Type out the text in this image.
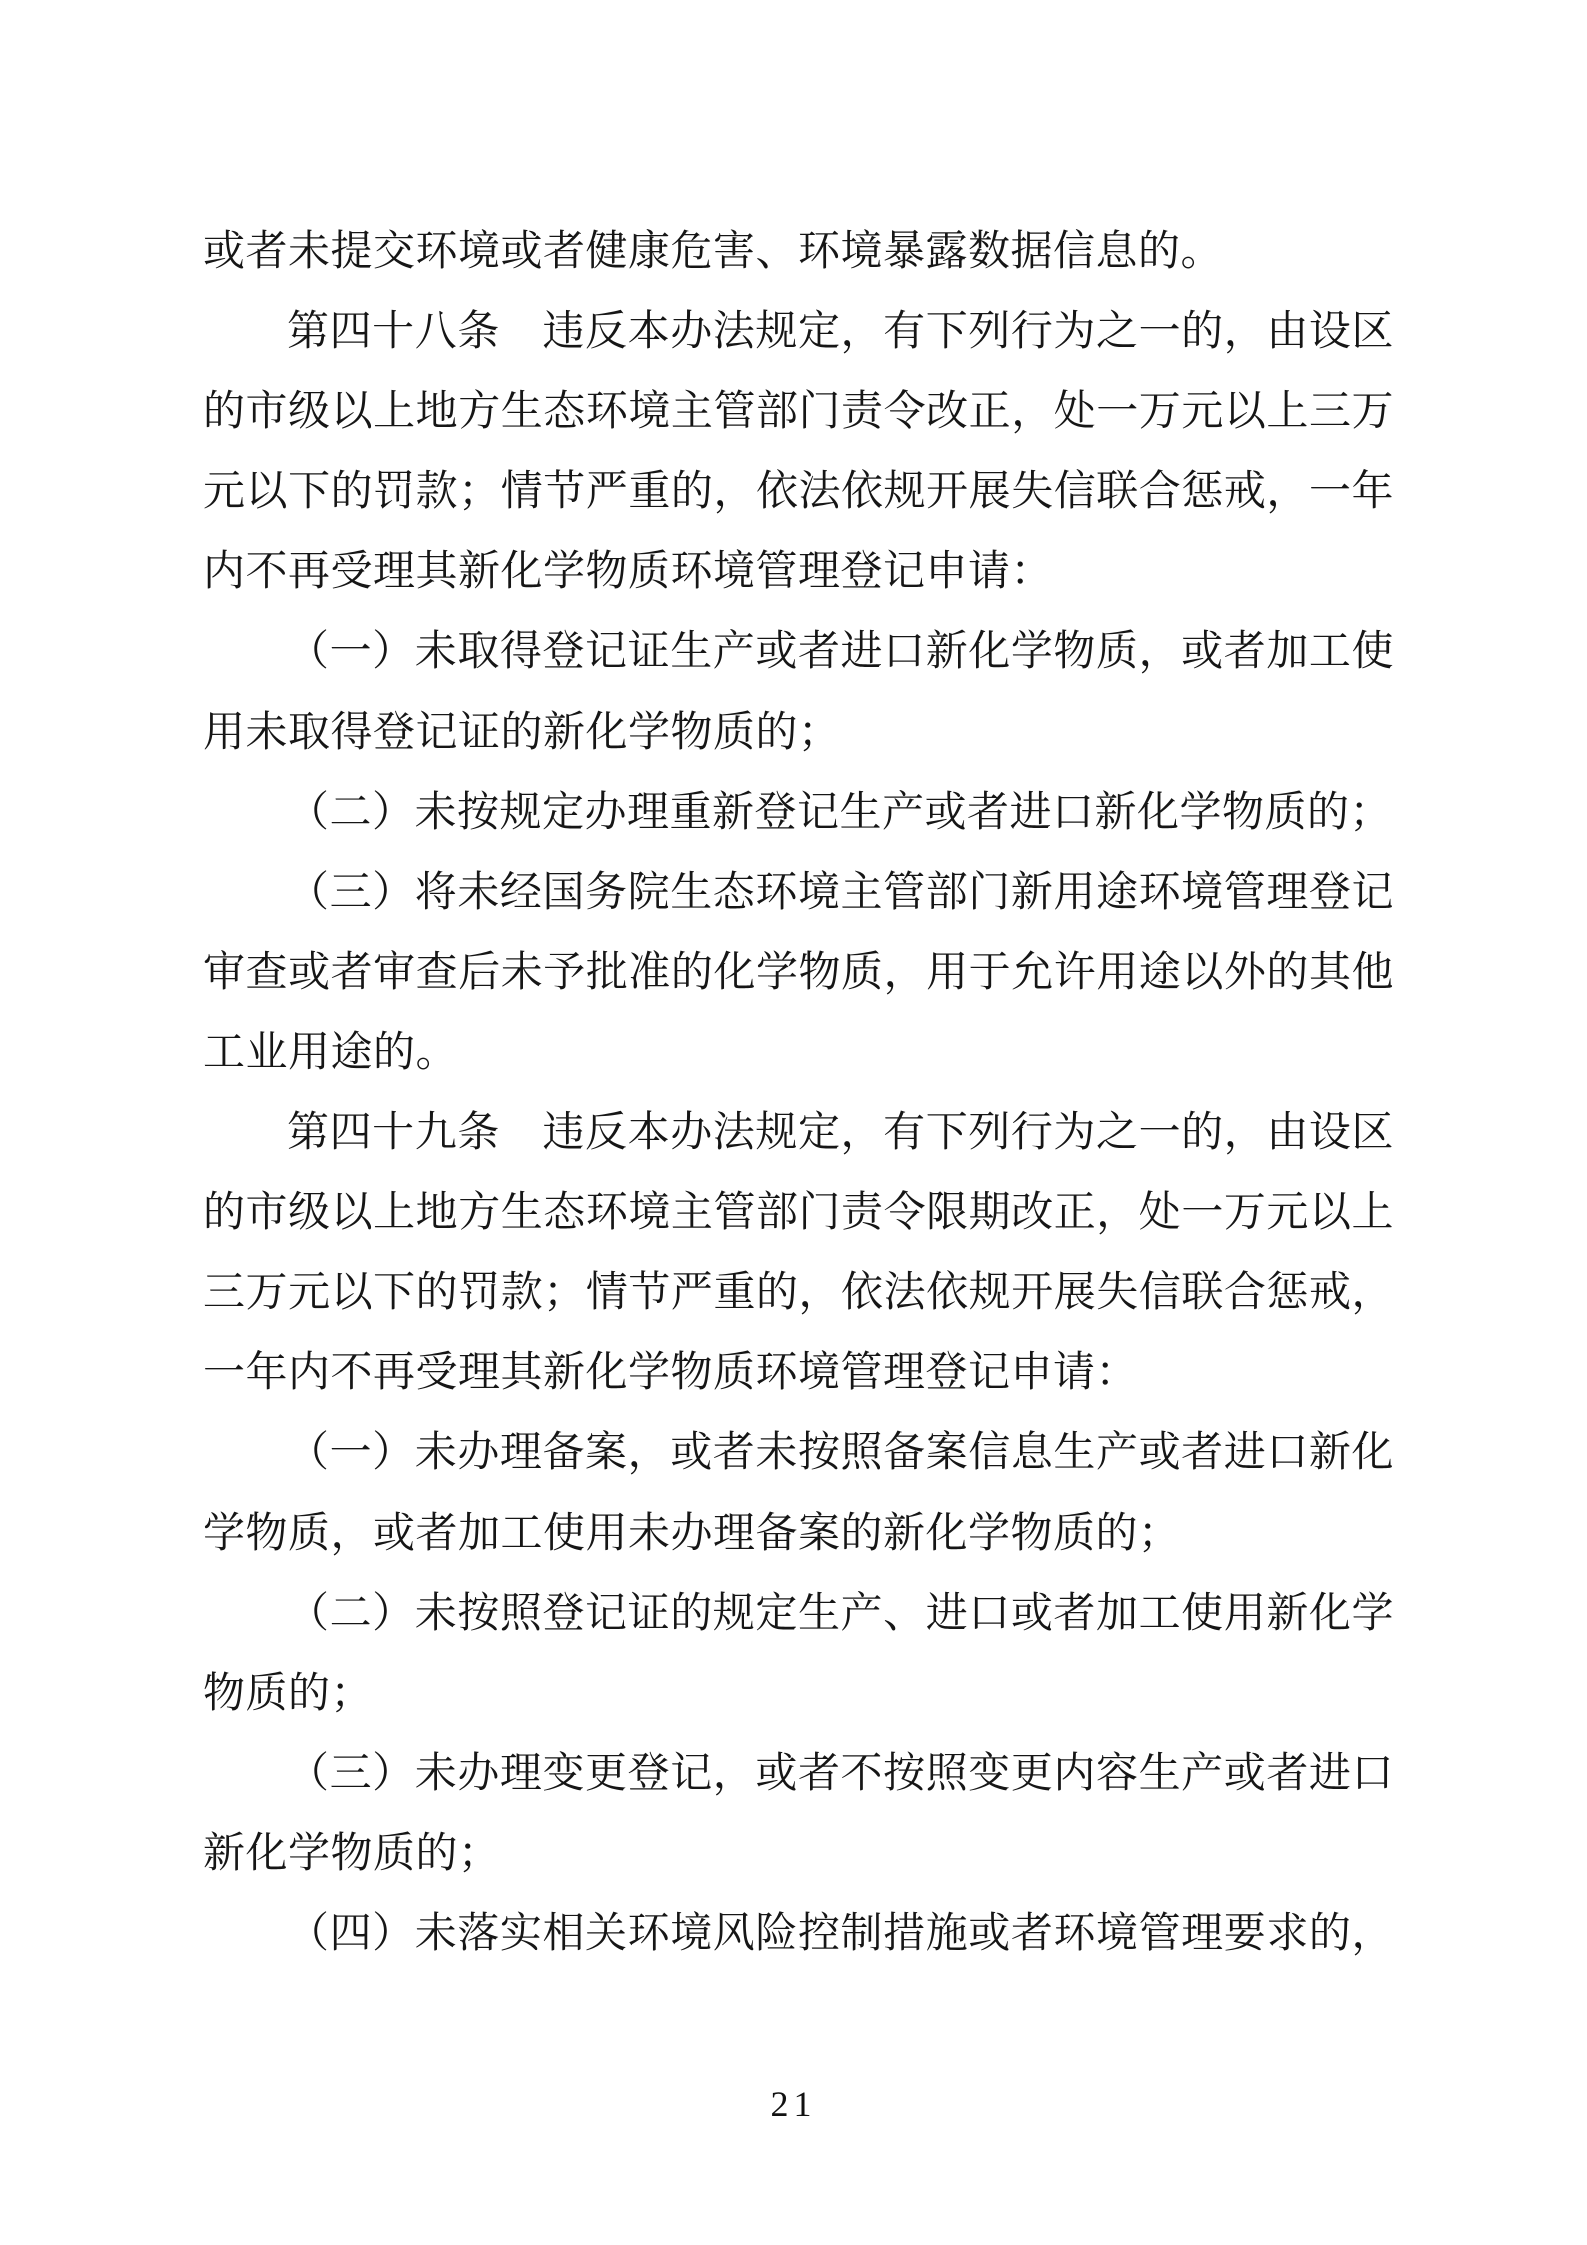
或者未提交环境或者健康危害、环境暴露数据信息的。
第四十八条　违反本办法规定，有下列行为之一的，由设区
的市级以上地方生态环境主管部门责令改正，处一万元以上三万
元以下的罚款；情节严重的，依法依规开展失信联合惩戒，一年
内不再受理其新化学物质环境管理登记申请：
（一）未取得登记证生产或者进口新化学物质，或者加工使
用未取得登记证的新化学物质的；
（二）未按规定办理重新登记生产或者进口新化学物质的；
（三）将未经国务院生态环境主管部门新用途环境管理登记
审查或者审查后未予批准的化学物质，用于允许用途以外的其他
工业用途的。
第四十九条　违反本办法规定，有下列行为之一的，由设区
的市级以上地方生态环境主管部门责令限期改正，处一万元以上
三万元以下的罚款；情节严重的，依法依规开展失信联合惩戒，
一年内不再受理其新化学物质环境管理登记申请：
（一）未办理备案，或者未按照备案信息生产或者进口新化
学物质，或者加工使用未办理备案的新化学物质的；
（二）未按照登记证的规定生产、进口或者加工使用新化学
物质的；
（三）未办理变更登记，或者不按照变更内容生产或者进口
新化学物质的；
（四）未落实相关环境风险控制措施或者环境管理要求的，
21
